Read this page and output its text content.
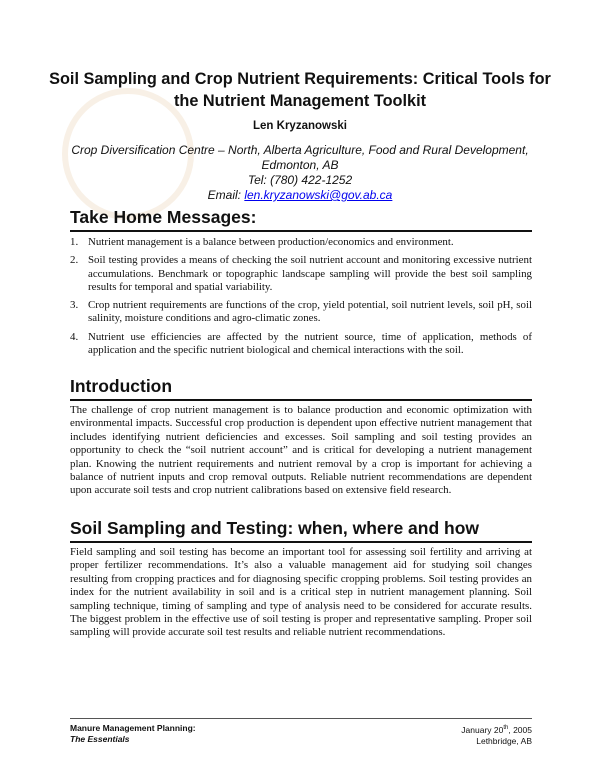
Soil Sampling and Crop Nutrient Requirements: Critical Tools for the Nutrient Management Toolkit
Len Kryzanowski
Crop Diversification Centre – North, Alberta Agriculture, Food and Rural Development,
Edmonton, AB
Tel: (780) 422-1252
Email: len.kryzanowski@gov.ab.ca
Take Home Messages:
1. Nutrient management is a balance between production/economics and environment.
2. Soil testing provides a means of checking the soil nutrient account and monitoring excessive nutrient accumulations. Benchmark or topographic landscape sampling will provide the best soil sampling results for temporal and spatial variability.
3. Crop nutrient requirements are functions of the crop, yield potential, soil nutrient levels, soil pH, soil salinity, moisture conditions and agro-climatic zones.
4. Nutrient use efficiencies are affected by the nutrient source, time of application, methods of application and the specific nutrient biological and chemical interactions with the soil.
Introduction

The challenge of crop nutrient management is to balance production and economic optimization with environmental impacts. Successful crop production is dependent upon effective nutrient management that includes identifying nutrient deficiencies and excesses. Soil sampling and soil testing provides an opportunity to check the “soil nutrient account” and is critical for developing a nutrient management plan. Knowing the nutrient requirements and nutrient removal by a crop is important for achieving a balance of nutrient inputs and crop removal outputs. Reliable nutrient recommendations are dependent upon accurate soil tests and crop nutrient calibrations based on extensive field research.

Soil Sampling and Testing: when, where and how

Field sampling and soil testing has become an important tool for assessing soil fertility and arriving at proper fertilizer recommendations. It’s also a valuable management aid for studying soil changes resulting from cropping practices and for diagnosing specific cropping problems. Soil testing provides an index for the nutrient availability in soil and is a critical step in nutrient management planning. Soil sampling technique, timing of sampling and type of analysis need to be considered for accurate results. The biggest problem in the effective use of soil testing is proper and representative sampling. Proper soil sampling will provide accurate soil test results and reliable nutrient recommendations.

Manure Management Planning:
The Essentials
January 20th, 2005
Lethbridge, AB
